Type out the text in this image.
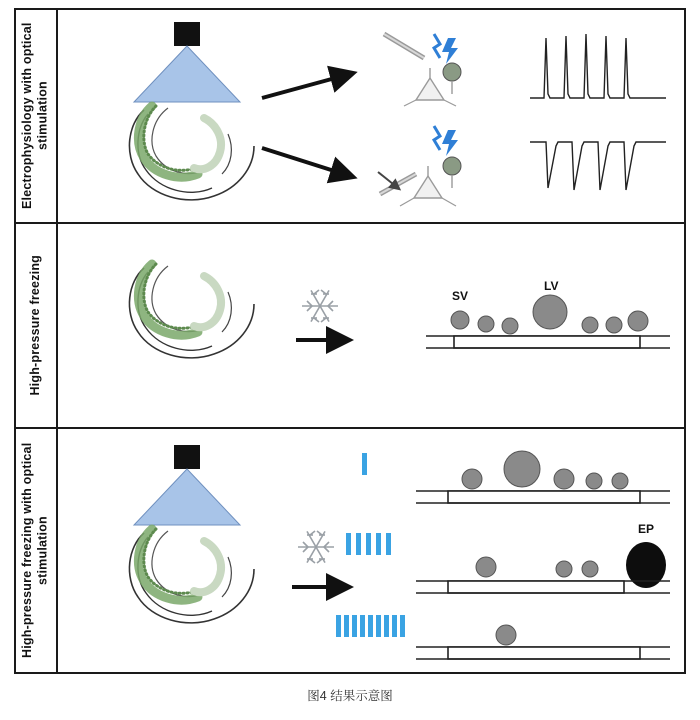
Electrophysiology with optical stimulation
High-pressure freezing	SV
LV
High-pressure freezing with optical stimulation	EP
图4 结果示意图
